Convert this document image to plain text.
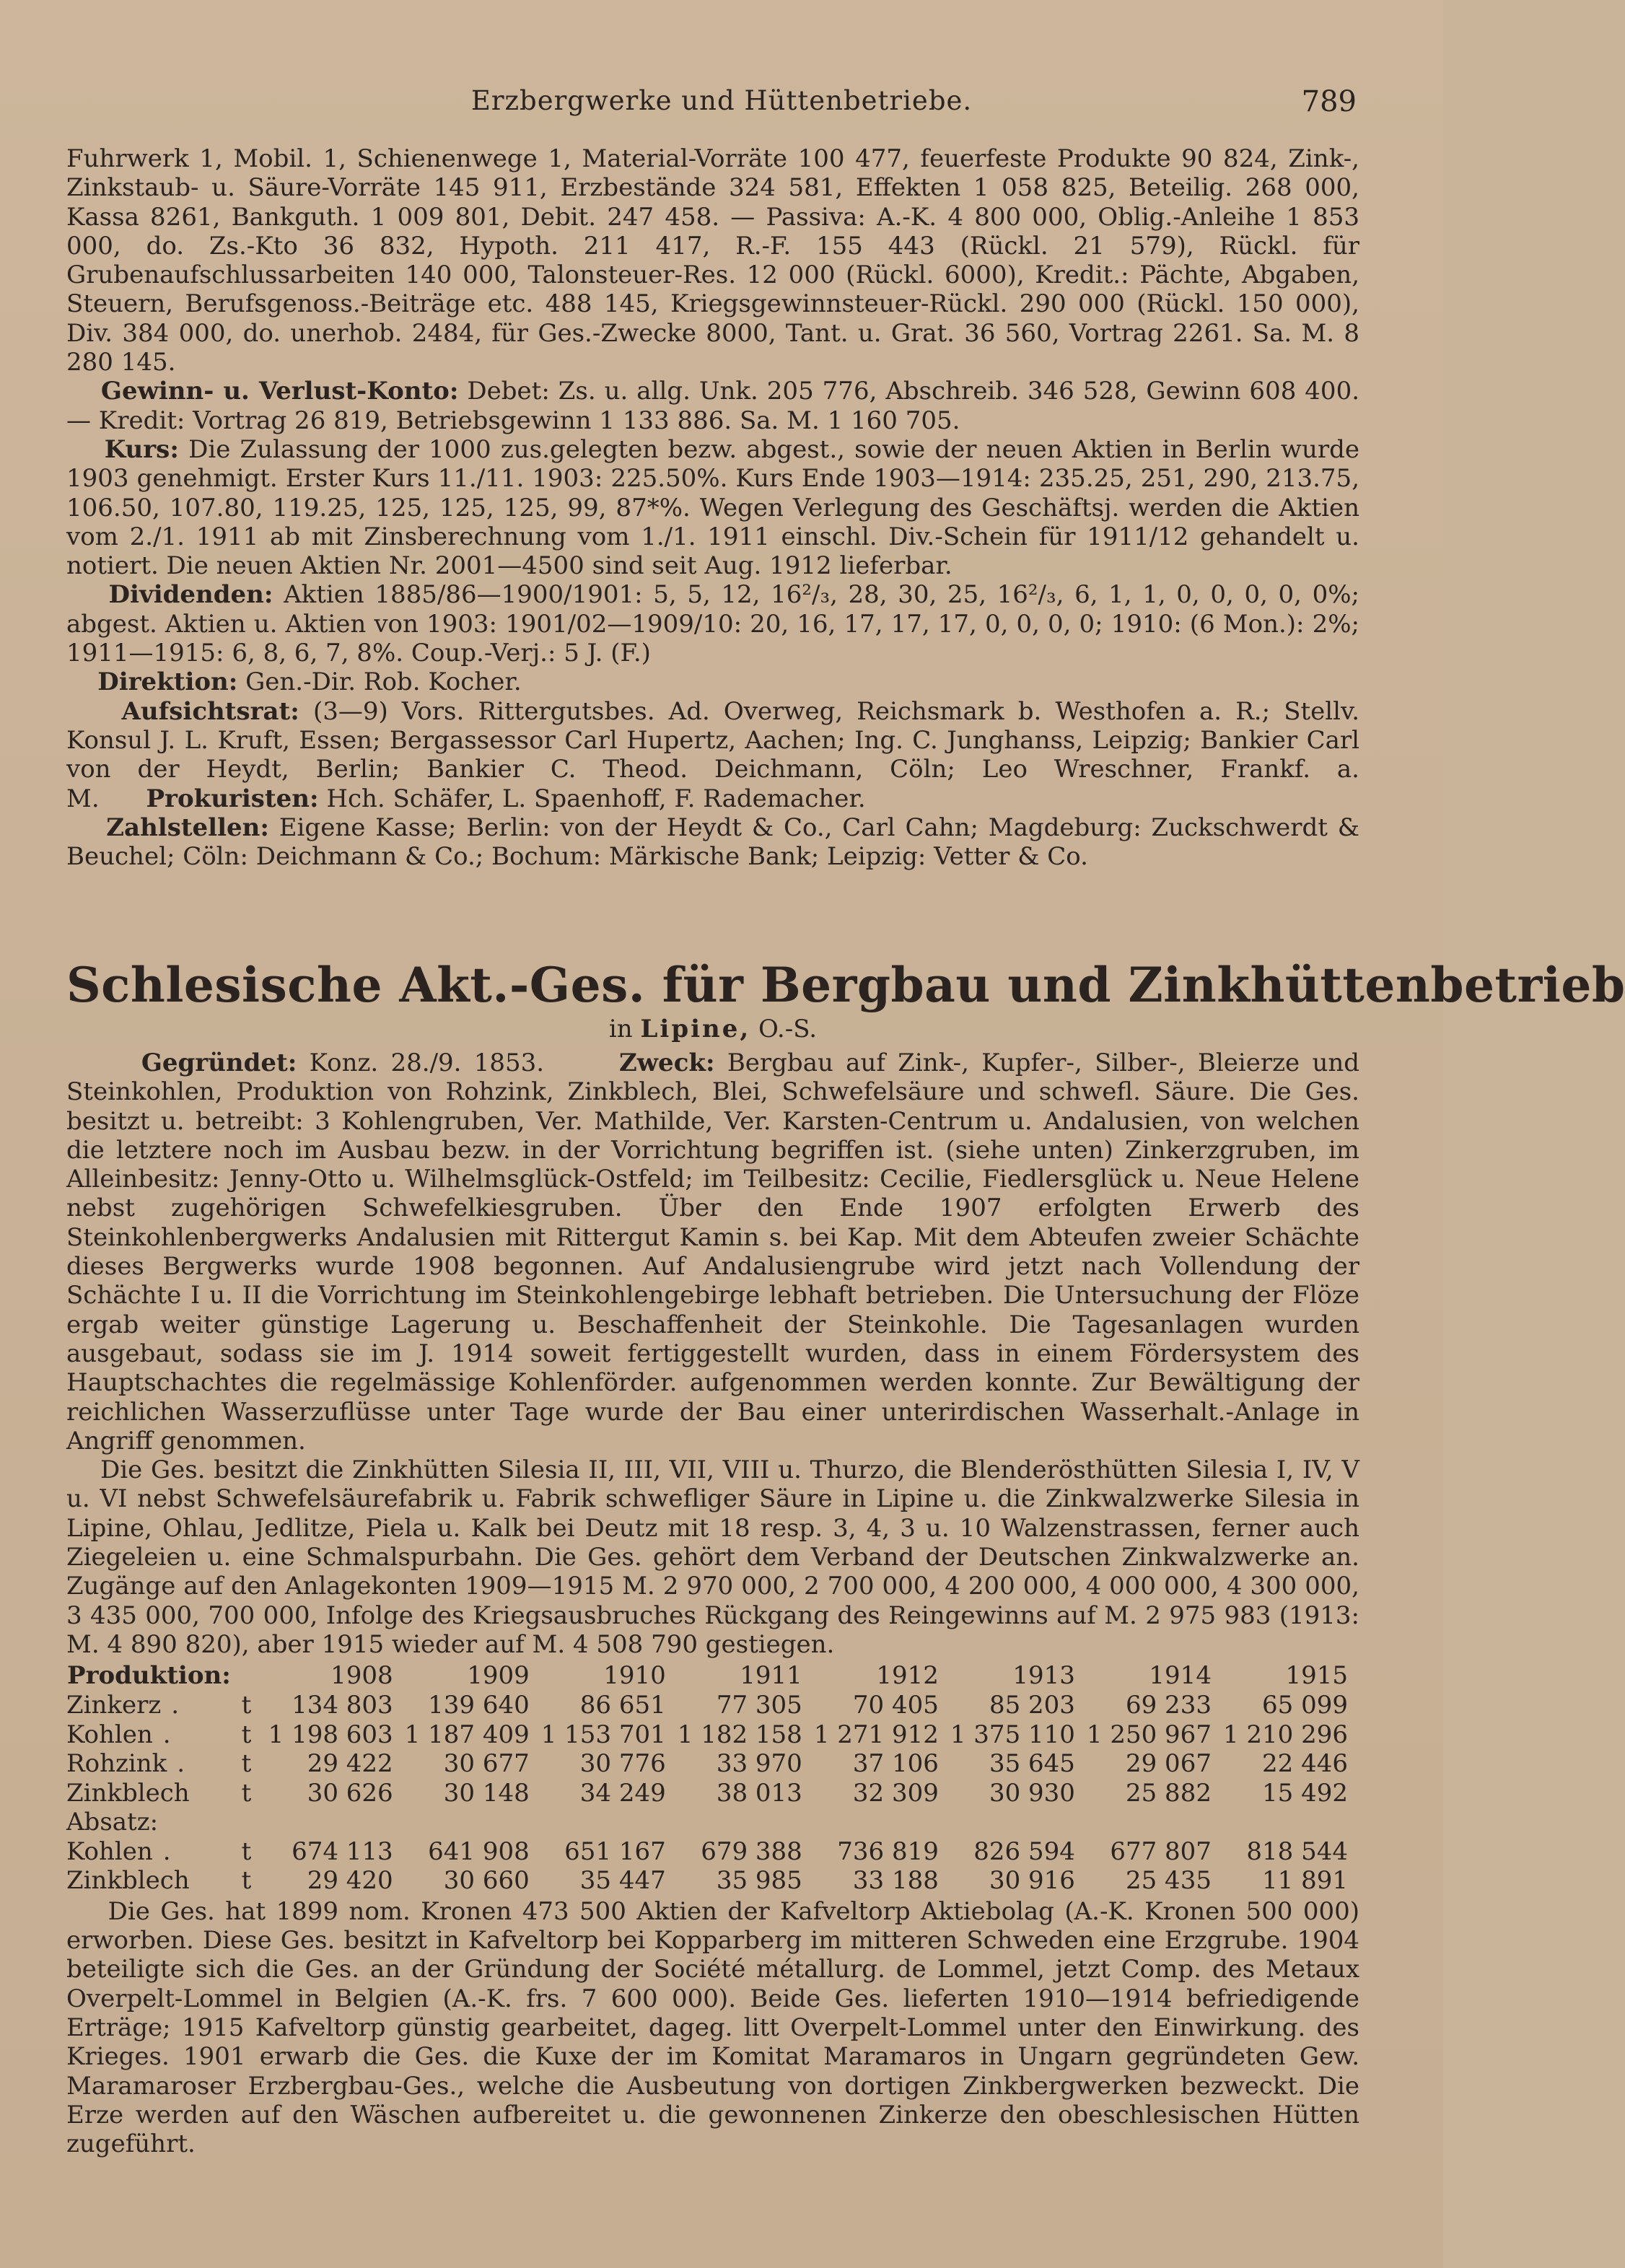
Erzbergwerke und Hüttenbetriebe.	789

Fuhrwerk 1, Mobil. 1, Schienenwege 1, Material-Vorräte 100 477, feuerfeste Produkte 90 824, Zink-, Zinkstaub- u. Säure-Vorräte 145 911, Erzbestände 324 581, Effekten 1 058 825, Beteilig. 268 000, Kassa 8261, Bankguth. 1 009 801, Debit. 247 458. — Passiva: A.-K. 4 800 000, Oblig.-Anleihe 1 853 000, do. Zs.-Kto 36 832, Hypoth. 211 417, R.-F. 155 443 (Rückl. 21 579), Rückl. für Grubenaufschlussarbeiten 140 000, Talonsteuer-Res. 12 000 (Rückl. 6000), Kredit.: Pächte, Abgaben, Steuern, Berufsgenoss.-Beiträge etc. 488 145, Kriegsgewinnsteuer-Rückl. 290 000 (Rückl. 150 000), Div. 384 000, do. unerhob. 2484, für Ges.-Zwecke 8000, Tant. u. Grat. 36 560, Vortrag 2261. Sa. M. 8 280 145.

Gewinn- u. Verlust-Konto: Debet: Zs. u. allg. Unk. 205 776, Abschreib. 346 528, Gewinn 608 400. — Kredit: Vortrag 26 819, Betriebsgewinn 1 133 886. Sa. M. 1 160 705.

Kurs: Die Zulassung der 1000 zus.gelegten bezw. abgest., sowie der neuen Aktien in Berlin wurde 1903 genehmigt. Erster Kurs 11./11. 1903: 225.50%. Kurs Ende 1903—1914: 235.25, 251, 290, 213.75, 106.50, 107.80, 119.25, 125, 125, 125, 99, 87*%. Wegen Verlegung des Geschäftsj. werden die Aktien vom 2./1. 1911 ab mit Zinsberechnung vom 1./1. 1911 einschl. Div.-Schein für 1911/12 gehandelt u. notiert. Die neuen Aktien Nr. 2001—4500 sind seit Aug. 1912 lieferbar.

Dividenden: Aktien 1885/86—1900/1901: 5, 5, 12, 16²/₃, 28, 30, 25, 16²/₃, 6, 1, 1, 0, 0, 0, 0, 0%; abgest. Aktien u. Aktien von 1903: 1901/02—1909/10: 20, 16, 17, 17, 17, 0, 0, 0, 0; 1910: (6 Mon.): 2%; 1911—1915: 6, 8, 6, 7, 8%. Coup.-Verj.: 5 J. (F.)

Direktion: Gen.-Dir. Rob. Kocher.

Aufsichtsrat: (3—9) Vors. Rittergutsbes. Ad. Overweg, Reichsmark b. Westhofen a. R.; Stellv. Konsul J. L. Kruft, Essen; Bergassessor Carl Hupertz, Aachen; Ing. C. Junghanss, Leipzig; Bankier Carl von der Heydt, Berlin; Bankier C. Theod. Deichmann, Cöln; Leo Wreschner, Frankf. a. M. Prokuristen: Hch. Schäfer, L. Spaenhoff, F. Rademacher.

Zahlstellen: Eigene Kasse; Berlin: von der Heydt & Co., Carl Cahn; Magdeburg: Zuckschwerdt & Beuchel; Cöln: Deichmann & Co.; Bochum: Märkische Bank; Leipzig: Vetter & Co.

Schlesische Akt.-Ges. für Bergbau und Zinkhüttenbetrieb
in Lipine, O.-S.

Gegründet: Konz. 28./9. 1853.	Zweck: Bergbau auf Zink-, Kupfer-, Silber-, Bleierze und Steinkohlen, Produktion von Rohzink, Zinkblech, Blei, Schwefelsäure und schwefl. Säure. Die Ges. besitzt u. betreibt: 3 Kohlengruben, Ver. Mathilde, Ver. Karsten-Centrum u. Andalusien, von welchen die letztere noch im Ausbau bezw. in der Vorrichtung begriffen ist. (siehe unten) Zinkerzgruben, im Alleinbesitz: Jenny-Otto u. Wilhelmsglück-Ostfeld; im Teilbesitz: Cecilie, Fiedlersglück u. Neue Helene nebst zugehörigen Schwefelkiesgruben. Über den Ende 1907 erfolgten Erwerb des Steinkohlenbergwerks Andalusien mit Rittergut Kamin s. bei Kap. Mit dem Abteufen zweier Schächte dieses Bergwerks wurde 1908 begonnen. Auf Andalusiengrube wird jetzt nach Vollendung der Schächte I u. II die Vorrichtung im Steinkohlengebirge lebhaft betrieben. Die Untersuchung der Flöze ergab weiter günstige Lagerung u. Beschaffenheit der Steinkohle. Die Tagesanlagen wurden ausgebaut, sodass sie im J. 1914 soweit fertiggestellt wurden, dass in einem Fördersystem des Hauptschachtes die regelmässige Kohlenförder. aufgenommen werden konnte. Zur Bewältigung der reichlichen Wasserzuflüsse unter Tage wurde der Bau einer unterirdischen Wasserhalt.-Anlage in Angriff genommen.

Die Ges. besitzt die Zinkhütten Silesia II, III, VII, VIII u. Thurzo, die Blenderösthütten Silesia I, IV, V u. VI nebst Schwefelsäurefabrik u. Fabrik schwefliger Säure in Lipine u. die Zinkwalzwerke Silesia in Lipine, Ohlau, Jedlitze, Piela u. Kalk bei Deutz mit 18 resp. 3, 4, 3 u. 10 Walzenstrassen, ferner auch Ziegeleien u. eine Schmalspurbahn. Die Ges. gehört dem Verband der Deutschen Zinkwalzwerke an. Zugänge auf den Anlagekonten 1909—1915 M. 2 970 000, 2 700 000, 4 200 000, 4 000 000, 4 300 000, 3 435 000, 700 000, Infolge des Kriegsausbruches Rückgang des Reingewinns auf M. 2 975 983 (1913: M. 4 890 820), aber 1915 wieder auf M. 4 508 790 gestiegen.

Produktion:		1908	1909	1910	1911	1912	1913	1914	1915
Zinkerz .	t	134 803	139 640	86 651	77 305	70 405	85 203	69 233	65 099
Kohlen .	t	1 198 603	1 187 409	1 153 701	1 182 158	1 271 912	1 375 110	1 250 967	1 210 296
Rohzink .	t	29 422	30 677	30 776	33 970	37 106	35 645	29 067	22 446
Zinkblech	t	30 626	30 148	34 249	38 013	32 309	30 930	25 882	15 492
Absatz:									
Kohlen .	t	674 113	641 908	651 167	679 388	736 819	826 594	677 807	818 544
Zinkblech	t	29 420	30 660	35 447	35 985	33 188	30 916	25 435	11 891

Die Ges. hat 1899 nom. Kronen 473 500 Aktien der Kafveltorp Aktiebolag (A.-K. Kronen 500 000) erworben. Diese Ges. besitzt in Kafveltorp bei Kopparberg im mitteren Schweden eine Erzgrube. 1904 beteiligte sich die Ges. an der Gründung der Société métallurg. de Lommel, jetzt Comp. des Metaux Overpelt-Lommel in Belgien (A.-K. frs. 7 600 000). Beide Ges. lieferten 1910—1914 befriedigende Erträge; 1915 Kafveltorp günstig gearbeitet, dageg. litt Overpelt-Lommel unter den Einwirkung. des Krieges. 1901 erwarb die Ges. die Kuxe der im Komitat Maramaros in Ungarn gegründeten Gew. Maramaroser Erzbergbau-Ges., welche die Ausbeutung von dortigen Zinkbergwerken bezweckt. Die Erze werden auf den Wäschen aufbereitet u. die gewonnenen Zinkerze den obeschlesischen Hütten zugeführt.
